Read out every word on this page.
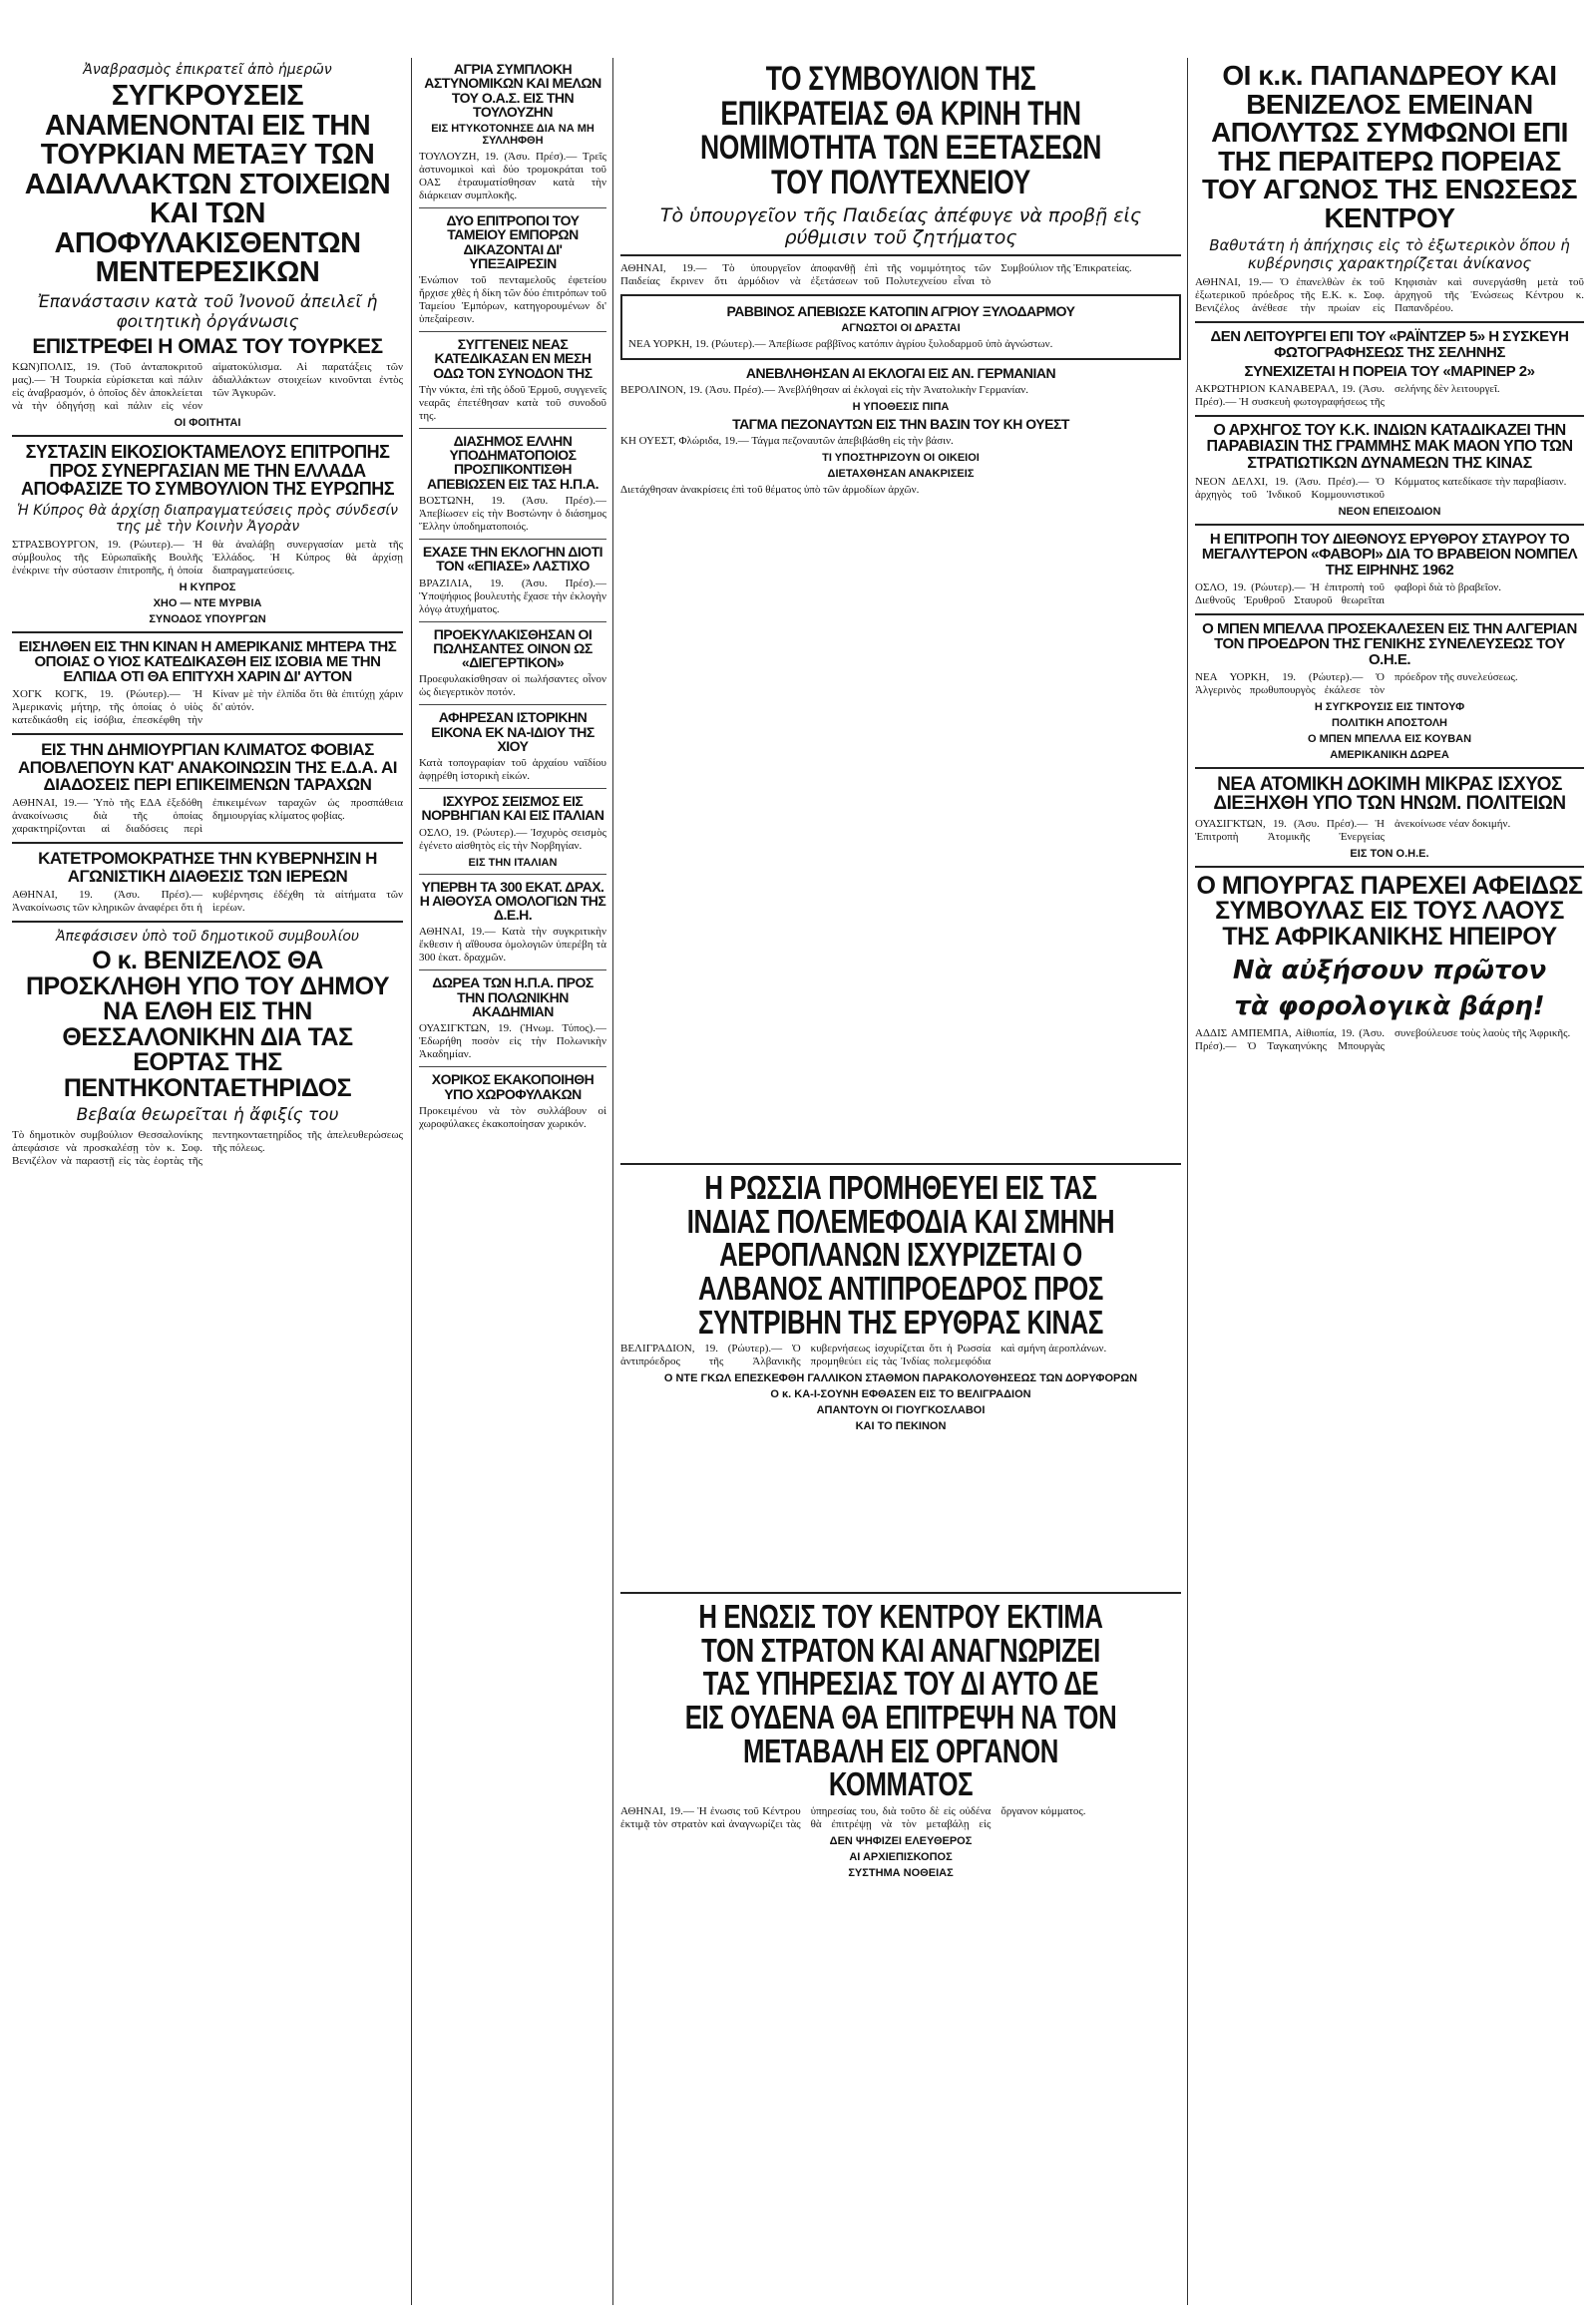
Ἀναβρασμὸς ἐπικρατεῖ ἀπὸ ἡμερῶν
ΣΥΓΚΡΟΥΣΕΙΣ ΑΝΑΜΕΝΟΝΤΑΙ ΕΙΣ ΤΗΝ ΤΟΥΡΚΙΑΝ ΜΕΤΑΞΥ ΤΩΝ ΑΔΙΑΛΛΑΚΤΩΝ ΣΤΟΙΧΕΙΩΝ ΚΑΙ ΤΩΝ ΑΠΟΦΥΛΑΚΙΣΘΕΝΤΩΝ ΜΕΝΤΕΡΕΣΙΚΩΝ
Ἐπανάστασιν κατὰ τοῦ Ἰνονοῦ ἀπειλεῖ ἡ φοιτητικὴ ὀργάνωσις
ΕΠΙΣΤΡΕΦΕΙ Η ΟΜΑΣ ΤΟΥ ΤΟΥΡΚΕΣ
ΚΩΝ)ΠΟΛΙΣ, 19. (Τοῦ ἀνταποκριτοῦ μας).— Ἡ Τουρκία εὑρίσκεται καὶ πάλιν εἰς ἀναβρασμόν, ὁ ὁποῖος δὲν ἀποκλείεται νὰ τὴν ὁδηγήσῃ καὶ πάλιν εἰς νέον αἱματοκύλισμα. Αἱ παρατάξεις τῶν ἀδιαλλάκτων στοιχείων κινοῦνται ἐντὸς τῶν Ἀγκυρῶν.
ΟΙ ΦΟΙΤΗΤΑΙ
ΣΥΣΤΑΣΙΝ ΕΙΚΟΣΙΟΚΤΑΜΕΛΟΥΣ ΕΠΙΤΡΟΠΗΣ ΠΡΟΣ ΣΥΝΕΡΓΑΣΙΑΝ ΜΕ ΤΗΝ ΕΛΛΑΔΑ ΑΠΟΦΑΣΙΖΕ ΤΟ ΣΥΜΒΟΥΛΙΟΝ ΤΗΣ ΕΥΡΩΠΗΣ
Ἡ Κύπρος θὰ ἀρχίσῃ διαπραγματεύσεις πρὸς σύνδεσίν της μὲ τὴν Κοινὴν Ἀγορὰν
ΣΤΡΑΣΒΟΥΡΓΟΝ, 19. (Ρώυτερ).— Ἡ σύμβουλος τῆς Εὐρωπαϊκῆς Βουλῆς ἐνέκρινε τὴν σύστασιν ἐπιτροπῆς, ἡ ὁποία θὰ ἀναλάβῃ συνεργασίαν μετὰ τῆς Ἑλλάδος. Ἡ Κύπρος θὰ ἀρχίσῃ διαπραγματεύσεις.
Η ΚΥΠΡΟΣ
ΧΗΟ — ΝΤΕ ΜΥΡΒΙΑ
ΣΥΝΟΔΟΣ ΥΠΟΥΡΓΩΝ
ΕΙΣΗΛΘΕΝ ΕΙΣ ΤΗΝ ΚΙΝΑΝ Η ΑΜΕΡΙΚΑΝΙΣ ΜΗΤΕΡΑ ΤΗΣ ΟΠΟΙΑΣ Ο ΥΙΟΣ ΚΑΤΕΔΙΚΑΣΘΗ ΕΙΣ ΙΣΟΒΙΑ ΜΕ ΤΗΝ ΕΛΠΙΔΑ ΟΤΙ ΘΑ ΕΠΙΤΥΧΗ ΧΑΡΙΝ ΔΙ' ΑΥΤΟΝ
ΧΟΓΚ ΚΟΓΚ, 19. (Ρώυτερ).— Ἡ Ἀμερικανὶς μήτηρ, τῆς ὁποίας ὁ υἱὸς κατεδικάσθη εἰς ἰσόβια, ἐπεσκέφθη τὴν Κίναν μὲ τὴν ἐλπίδα ὅτι θὰ ἐπιτύχῃ χάριν δι' αὐτόν.
ΕΙΣ ΤΗΝ ΔΗΜΙΟΥΡΓΙΑΝ ΚΛΙΜΑΤΟΣ ΦΟΒΙΑΣ ΑΠΟΒΛΕΠΟΥΝ ΚΑΤ' ΑΝΑΚΟΙΝΩΣΙΝ ΤΗΣ Ε.Δ.Α. ΑΙ ΔΙΑΔΟΣΕΙΣ ΠΕΡΙ ΕΠΙΚΕΙΜΕΝΩΝ ΤΑΡΑΧΩΝ
ΑΘΗΝΑΙ, 19.— Ὑπὸ τῆς ΕΔΑ ἐξεδόθη ἀνακοίνωσις διὰ τῆς ὁποίας χαρακτηρίζονται αἱ διαδόσεις περὶ ἐπικειμένων ταραχῶν ὡς προσπάθεια δημιουργίας κλίματος φοβίας.
ΚΑΤΕΤΡΟΜΟΚΡΑΤΗΣΕ ΤΗΝ ΚΥΒΕΡΝΗΣΙΝ Η ΑΓΩΝΙΣΤΙΚΗ ΔΙΑΘΕΣΙΣ ΤΩΝ ΙΕΡΕΩΝ
ΑΘΗΝΑΙ, 19. (Ἀσυ. Πρέσ).— Ἀνακοίνωσις τῶν κληρικῶν ἀναφέρει ὅτι ἡ κυβέρνησις ἐδέχθη τὰ αἰτήματα τῶν ἱερέων.
Ἀπεφάσισεν ὑπὸ τοῦ δημοτικοῦ συμβουλίου
Ο κ. ΒΕΝΙΖΕΛΟΣ ΘΑ ΠΡΟΣΚΛΗΘΗ ΥΠΟ ΤΟΥ ΔΗΜΟΥ ΝΑ ΕΛΘΗ ΕΙΣ ΤΗΝ ΘΕΣΣΑΛΟΝΙΚΗΝ ΔΙΑ ΤΑΣ ΕΟΡΤΑΣ ΤΗΣ ΠΕΝΤΗΚΟΝΤΑΕΤΗΡΙΔΟΣ
Βεβαία θεωρεῖται ἡ ἄφιξίς του
Τὸ δημοτικὸν συμβούλιον Θεσσαλονίκης ἀπεφάσισε νὰ προσκαλέσῃ τὸν κ. Σοφ. Βενιζέλον νὰ παραστῇ εἰς τὰς ἑορτὰς τῆς πεντηκονταετηρίδος τῆς ἀπελευθερώσεως τῆς πόλεως.
ΑΓΡΙΑ ΣΥΜΠΛΟΚΗ ΑΣΤΥΝΟΜΙΚΩΝ ΚΑΙ ΜΕΛΩΝ ΤΟΥ Ο.Α.Σ. ΕΙΣ ΤΗΝ ΤΟΥΛΟΥΖΗΝ
ΕΙΣ ΗΤΥΚΟΤΟΝΗΣΕ ΔΙΑ ΝΑ ΜΗ ΣΥΛΛΗΦΘΗ
ΤΟΥΛΟΥΖΗ, 19. (Ἀσυ. Πρέσ).— Τρεῖς ἀστυνομικοὶ καὶ δύο τρομοκράται τοῦ ΟΑΣ ἐτραυματίσθησαν κατὰ τὴν διάρκειαν συμπλοκῆς.
ΔΥΟ ΕΠΙΤΡΟΠΟΙ ΤΟΥ ΤΑΜΕΙΟΥ ΕΜΠΟΡΩΝ ΔΙΚΑΖΟΝΤΑΙ ΔΙ' ΥΠΕΞΑΙΡΕΣΙΝ
Ἐνώπιον τοῦ πενταμελοῦς ἐφετείου ἤρχισε χθὲς ἡ δίκη τῶν δύο ἐπιτρόπων τοῦ Ταμείου Ἐμπόρων, κατηγορουμένων δι' ὑπεξαίρεσιν.
ΣΥΓΓΕΝΕΙΣ ΝΕΑΣ ΚΑΤΕΔΙΚΑΣΑΝ ΕΝ ΜΕΣΗ ΟΔΩ ΤΟΝ ΣΥΝΟΔΟΝ ΤΗΣ
Τὴν νύκτα, ἐπὶ τῆς ὁδοῦ Ἐρμοῦ, συγγενεῖς νεαρᾶς ἐπετέθησαν κατὰ τοῦ συνοδοῦ της.
ΔΙΑΣΗΜΟΣ ΕΛΛΗΝ ΥΠΟΔΗΜΑΤΟΠΟΙΟΣ ΠΡΟΣΠΙΚΟΝΤΙΣΘΗ ΑΠΕΒΙΩΣΕΝ ΕΙΣ ΤΑΣ Η.Π.Α.
ΒΟΣΤΩΝΗ, 19. (Ἀσυ. Πρέσ).— Ἀπεβίωσεν εἰς τὴν Βοστώνην ὁ διάσημος Ἕλλην ὑποδηματοποιός.
ΕΧΑΣΕ ΤΗΝ ΕΚΛΟΓΗΝ ΔΙΟΤΙ ΤΟΝ «ΕΠΙΑΣΕ» ΛΑΣΤΙΧΟ
ΒΡΑΖΙΛΙΑ, 19. (Ἀσυ. Πρέσ).— Ὑποψήφιος βουλευτὴς ἔχασε τὴν ἐκλογὴν λόγῳ ἀτυχήματος.
ΠΡΟΕΚΥΛΑΚΙΣΘΗΣΑΝ ΟΙ ΠΩΛΗΣΑΝΤΕΣ ΟΙΝΟΝ ΩΣ «ΔΙΕΓΕΡΤΙΚΟΝ»
Προεφυλακίσθησαν οἱ πωλήσαντες οἶνον ὡς διεγερτικὸν ποτόν.
ΑΦΗΡΕΣΑΝ ΙΣΤΟΡΙΚΗΝ ΕΙΚΟΝΑ ΕΚ ΝΑ-ΙΔΙΟΥ ΤΗΣ ΧΙΟΥ
Κατὰ τοπογραφίαν τοῦ ἀρχαίου ναϊδίου ἀφῃρέθη ἱστορικὴ εἰκών.
ΙΣΧΥΡΟΣ ΣΕΙΣΜΟΣ ΕΙΣ ΝΟΡΒΗΓΙΑΝ ΚΑΙ ΕΙΣ ΙΤΑΛΙΑΝ
ΟΣΛΟ, 19. (Ρώυτερ).— Ἰσχυρὸς σεισμὸς ἐγένετο αἰσθητὸς εἰς τὴν Νορβηγίαν.
ΕΙΣ ΤΗΝ ΙΤΑΛΙΑΝ
ΥΠΕΡΒΗ ΤΑ 300 ΕΚΑΤ. ΔΡΑΧ. Η ΑΙΘΟΥΣΑ ΟΜΟΛΟΓΙΩΝ ΤΗΣ Δ.Ε.Η.
ΑΘΗΝΑΙ, 19.— Κατὰ τὴν συγκριτικὴν ἔκθεσιν ἡ αἴθουσα ὁμολογιῶν ὑπερέβη τὰ 300 ἑκατ. δραχμῶν.
ΔΩΡΕΑ ΤΩΝ Η.Π.Α. ΠΡΟΣ ΤΗΝ ΠΟΛΩΝΙΚΗΝ ΑΚΑΔΗΜΙΑΝ
ΟΥΑΣΙΓΚΤΩΝ, 19. (Ἡνωμ. Τύπος).— Ἐδωρήθη ποσὸν εἰς τὴν Πολωνικὴν Ἀκαδημίαν.
ΧΟΡΙΚΟΣ ΕΚΑΚΟΠΟΙΗΘΗ ΥΠΟ ΧΩΡΟΦΥΛΑΚΩΝ
Προκειμένου νὰ τὸν συλλάβουν οἱ χωροφύλακες ἐκακοποίησαν χωρικόν.
ΤΟ ΣΥΜΒΟΥΛΙΟΝ ΤΗΣ ΕΠΙΚΡΑΤΕΙΑΣ ΘΑ ΚΡΙΝΗ ΤΗΝ ΝΟΜΙΜΟΤΗΤΑ ΤΩΝ ΕΞΕΤΑΣΕΩΝ ΤΟΥ ΠΟΛΥΤΕΧΝΕΙΟΥ
Τὸ ὑπουργεῖον τῆς Παιδείας ἀπέφυγε νὰ προβῇ εἰς ρύθμισιν τοῦ ζητήματος
ΑΘΗΝΑΙ, 19.— Τὸ ὑπουργεῖον Παιδείας ἔκρινεν ὅτι ἁρμόδιον νὰ ἀποφανθῇ ἐπὶ τῆς νομιμότητος τῶν ἐξετάσεων τοῦ Πολυτεχνείου εἶναι τὸ Συμβούλιον τῆς Ἐπικρατείας.
ΡΑΒΒΙΝΟΣ ΑΠΕΒΙΩΣΕ ΚΑΤΟΠΙΝ ΑΓΡΙΟΥ ΞΥΛΟΔΑΡΜΟΥ
ΑΓΝΩΣΤΟΙ ΟΙ ΔΡΑΣΤΑΙ
ΝΕΑ ΥΟΡΚΗ, 19. (Ρώυτερ).— Ἀπεβίωσε ραββῖνος κατόπιν ἀγρίου ξυλοδαρμοῦ ὑπὸ ἀγνώστων.
ΑΝΕΒΛΗΘΗΣΑΝ ΑΙ ΕΚΛΟΓΑΙ ΕΙΣ ΑΝ. ΓΕΡΜΑΝΙΑΝ
ΒΕΡΟΛΙΝΟΝ, 19. (Ἀσυ. Πρέσ).— Ἀνεβλήθησαν αἱ ἐκλογαὶ εἰς τὴν Ἀνατολικὴν Γερμανίαν.
Η ΥΠΟΘΕΣΙΣ ΠΙΠΑ
ΤΑΓΜΑ ΠΕΖΟΝΑΥΤΩΝ ΕΙΣ ΤΗΝ ΒΑΣΙΝ ΤΟΥ ΚΗ ΟΥΕΣΤ
ΚΗ ΟΥΕΣΤ, Φλώριδα, 19.— Τάγμα πεζοναυτῶν ἀπεβιβάσθη εἰς τὴν βάσιν.
ΤΙ ΥΠΟΣΤΗΡΙΖΟΥΝ ΟΙ ΟΙΚΕΙΟΙ
ΔΙΕΤΑΧΘΗΣΑΝ ΑΝΑΚΡΙΣΕΙΣ
Διετάχθησαν ἀνακρίσεις ἐπὶ τοῦ θέματος ὑπὸ τῶν ἁρμοδίων ἀρχῶν.
Η ΡΩΣΣΙΑ ΠΡΟΜΗΘΕΥΕΙ ΕΙΣ ΤΑΣ ΙΝΔΙΑΣ ΠΟΛΕΜΕΦΟΔΙΑ ΚΑΙ ΣΜΗΝΗ ΑΕΡΟΠΛΑΝΩΝ ΙΣΧΥΡΙΖΕΤΑΙ Ο ΑΛΒΑΝΟΣ ΑΝΤΙΠΡΟΕΔΡΟΣ ΠΡΟΣ ΣΥΝΤΡΙΒΗΝ ΤΗΣ ΕΡΥΘΡΑΣ ΚΙΝΑΣ
ΒΕΛΙΓΡΑΔΙΟΝ, 19. (Ρώυτερ).— Ὁ ἀντιπρόεδρος τῆς Ἀλβανικῆς κυβερνήσεως ἰσχυρίζεται ὅτι ἡ Ρωσσία προμηθεύει εἰς τὰς Ἰνδίας πολεμεφόδια καὶ σμήνη ἀεροπλάνων.
Ο ΝΤΕ ΓΚΩΛ ΕΠΕΣΚΕΦΘΗ ΓΑΛΛΙΚΟΝ ΣΤΑΘΜΟΝ ΠΑΡΑΚΟΛΟΥΘΗΣΕΩΣ ΤΩΝ ΔΟΡΥΦΟΡΩΝ
Ο κ. ΚΑ-Ι-ΣΟΥΝΗ ΕΦΘΑΣΕΝ ΕΙΣ ΤΟ ΒΕΛΙΓΡΑΔΙΟΝ
ΑΠΑΝΤΟΥΝ ΟΙ ΓΙΟΥΓΚΟΣΛΑΒΟΙ
ΚΑΙ ΤΟ ΠΕΚΙΝΟΝ
Η ΕΝΩΣΙΣ ΤΟΥ ΚΕΝΤΡΟΥ ΕΚΤΙΜΑ ΤΟΝ ΣΤΡΑΤΟΝ ΚΑΙ ΑΝΑΓΝΩΡΙΖΕΙ ΤΑΣ ΥΠΗΡΕΣΙΑΣ ΤΟΥ ΔΙ ΑΥΤΟ ΔΕ ΕΙΣ ΟΥΔΕΝΑ ΘΑ ΕΠΙΤΡΕΨΗ ΝΑ ΤΟΝ ΜΕΤΑΒΑΛΗ ΕΙΣ ΟΡΓΑΝΟΝ ΚΟΜΜΑΤΟΣ
ΑΘΗΝΑΙ, 19.— Ἡ ἐνωσις τοῦ Κέντρου ἐκτιμᾷ τὸν στρατὸν καὶ ἀναγνωρίζει τὰς ὑπηρεσίας του, διὰ τοῦτο δὲ εἰς οὐδένα θὰ ἐπιτρέψῃ νὰ τὸν μεταβάλῃ εἰς ὄργανον κόμματος.
ΔΕΝ ΨΗΦΙΖΕΙ ΕΛΕΥΘΕΡΟΣ
ΑΙ ΑΡΧΙΕΠΙΣΚΟΠΟΣ
ΣΥΣΤΗΜΑ ΝΟΘΕΙΑΣ
ΟΙ κ.κ. ΠΑΠΑΝΔΡΕΟΥ ΚΑΙ ΒΕΝΙΖΕΛΟΣ ΕΜΕΙΝΑΝ ΑΠΟΛΥΤΩΣ ΣΥΜΦΩΝΟΙ ΕΠΙ ΤΗΣ ΠΕΡΑΙΤΕΡΩ ΠΟΡΕΙΑΣ ΤΟΥ ΑΓΩΝΟΣ ΤΗΣ ΕΝΩΣΕΩΣ ΚΕΝΤΡΟΥ
Βαθυτάτη ἡ ἀπήχησις εἰς τὸ ἐξωτερικὸν ὅπου ἡ κυβέρνησις χαρακτηρίζεται ἀνίκανος
ΑΘΗΝΑΙ, 19.— Ὁ ἐπανελθὼν ἐκ τοῦ ἐξωτερικοῦ πρόεδρος τῆς Ε.Κ. κ. Σοφ. Βενιζέλος ἀνέθεσε τὴν πρωίαν εἰς Κηφισιὰν καὶ συνεργάσθη μετὰ τοῦ ἀρχηγοῦ τῆς Ἑνώσεως Κέντρου κ. Παπανδρέου.
ΔΕΝ ΛΕΙΤΟΥΡΓΕΙ ΕΠΙ ΤΟΥ «ΡΑΪΝΤΖΕΡ 5» Η ΣΥΣΚΕΥΗ ΦΩΤΟΓΡΑΦΗΣΕΩΣ ΤΗΣ ΣΕΛΗΝΗΣ
ΣΥΝΕΧΙΖΕΤΑΙ Η ΠΟΡΕΙΑ ΤΟΥ «ΜΑΡΙΝΕΡ 2»
ΑΚΡΩΤΗΡΙΟΝ ΚΑΝΑΒΕΡΑΛ, 19. (Ἀσυ. Πρέσ).— Ἡ συσκευὴ φωτογραφήσεως τῆς σελήνης δὲν λειτουργεῖ.
Ο ΑΡΧΗΓΟΣ ΤΟΥ Κ.Κ. ΙΝΔΙΩΝ ΚΑΤΑΔΙΚΑΖΕΙ ΤΗΝ ΠΑΡΑΒΙΑΣΙΝ ΤΗΣ ΓΡΑΜΜΗΣ ΜΑΚ ΜΑΟΝ ΥΠΟ ΤΩΝ ΣΤΡΑΤΙΩΤΙΚΩΝ ΔΥΝΑΜΕΩΝ ΤΗΣ ΚΙΝΑΣ
ΝΕΟΝ ΔΕΛΧΙ, 19. (Ἀσυ. Πρέσ).— Ὁ ἀρχηγὸς τοῦ Ἰνδικοῦ Κομμουνιστικοῦ Κόμματος κατεδίκασε τὴν παραβίασιν.
ΝΕΟΝ ΕΠΕΙΣΟΔΙΟΝ
Η ΕΠΙΤΡΟΠΗ ΤΟΥ ΔΙΕΘΝΟΥΣ ΕΡΥΘΡΟΥ ΣΤΑΥΡΟΥ ΤΟ ΜΕΓΑΛΥΤΕΡΟΝ «ΦΑΒΟΡΙ» ΔΙΑ ΤΟ ΒΡΑΒΕΙΟΝ ΝΟΜΠΕΛ ΤΗΣ ΕΙΡΗΝΗΣ 1962
ΟΣΛΟ, 19. (Ρώυτερ).— Ἡ ἐπιτροπὴ τοῦ Διεθνοῦς Ἐρυθροῦ Σταυροῦ θεωρεῖται φαβορὶ διὰ τὸ βραβεῖον.
Ο ΜΠΕΝ ΜΠΕΛΛΑ ΠΡΟΣΕΚΑΛΕΣΕΝ ΕΙΣ ΤΗΝ ΑΛΓΕΡΙΑΝ ΤΟΝ ΠΡΟΕΔΡΟΝ ΤΗΣ ΓΕΝΙΚΗΣ ΣΥΝΕΛΕΥΣΕΩΣ ΤΟΥ Ο.Η.Ε.
ΝΕΑ ΥΟΡΚΗ, 19. (Ρώυτερ).— Ὁ Ἀλγερινὸς πρωθυπουργὸς ἐκάλεσε τὸν πρόεδρον τῆς συνελεύσεως.
Η ΣΥΓΚΡΟΥΣΙΣ ΕΙΣ ΤΙΝΤΟΥΦ
ΠΟΛΙΤΙΚΗ ΑΠΟΣΤΟΛΗ
Ο ΜΠΕΝ ΜΠΕΛΛΑ ΕΙΣ ΚΟΥΒΑΝ
ΑΜΕΡΙΚΑΝΙΚΗ ΔΩΡΕΑ
ΝΕΑ ΑΤΟΜΙΚΗ ΔΟΚΙΜΗ ΜΙΚΡΑΣ ΙΣΧΥΟΣ ΔΙΕΞΗΧΘΗ ΥΠΟ ΤΩΝ ΗΝΩΜ. ΠΟΛΙΤΕΙΩΝ
ΟΥΑΣΙΓΚΤΩΝ, 19. (Ἀσυ. Πρέσ).— Ἡ Ἐπιτροπὴ Ἀτομικῆς Ἐνεργείας ἀνεκοίνωσε νέαν δοκιμήν.
ΕΙΣ ΤΟΝ Ο.Η.Ε.
Ο ΜΠΟΥΡΓΑΣ ΠΑΡΕΧΕΙ ΑΦΕΙΔΩΣ ΣΥΜΒΟΥΛΑΣ ΕΙΣ ΤΟΥΣ ΛΑΟΥΣ ΤΗΣ ΑΦΡΙΚΑΝΙΚΗΣ ΗΠΕΙΡΟΥ
Νὰ αὐξήσουν πρῶτον
τὰ φορολογικὰ βάρη!
ΑΔΔΙΣ ΑΜΠΕΜΠΑ, Αἰθιοπία, 19. (Ἀσυ. Πρέσ).— Ὁ Ταγκαηνύκης Μπουργὰς συνεβούλευσε τοὺς λαοὺς τῆς Ἀφρικῆς.
